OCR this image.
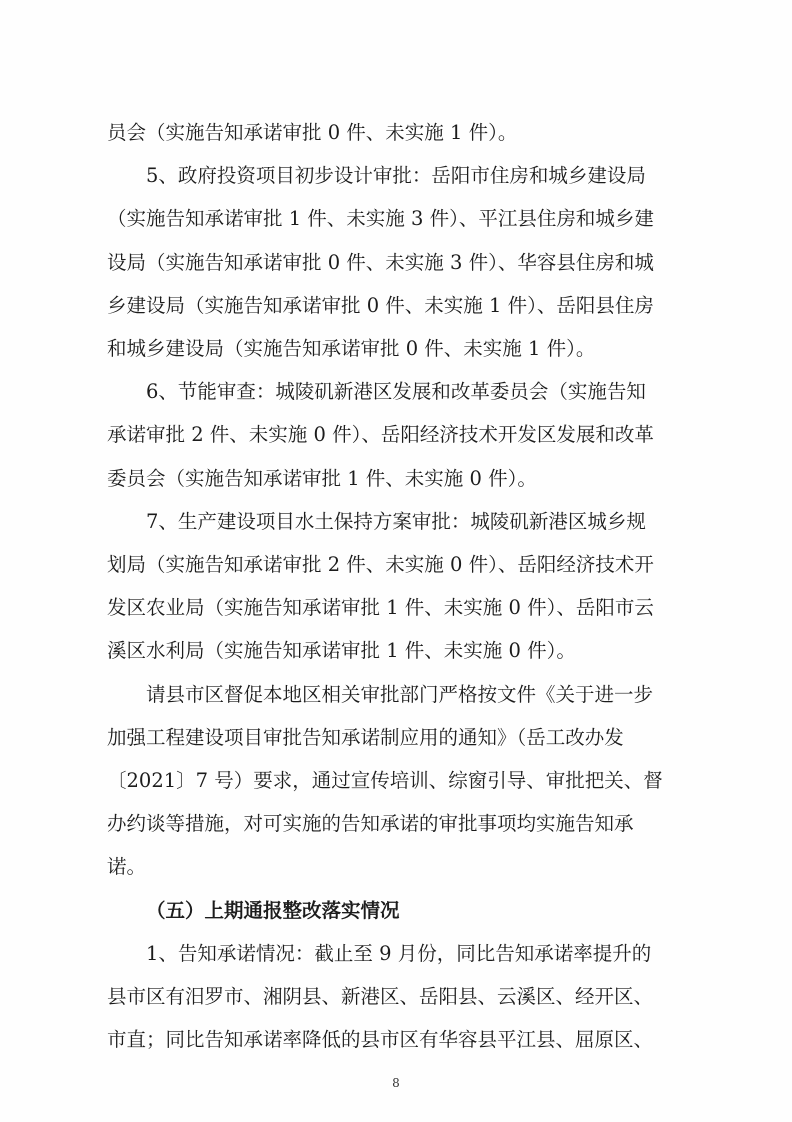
员会（实施告知承诺审批 0 件、未实施 1 件）。
5、政府投资项目初步设计审批：岳阳市住房和城乡建设局
（实施告知承诺审批 1 件、未实施 3 件）、平江县住房和城乡建
设局（实施告知承诺审批 0 件、未实施 3 件）、华容县住房和城
乡建设局（实施告知承诺审批 0 件、未实施 1 件）、岳阳县住房
和城乡建设局（实施告知承诺审批 0 件、未实施 1 件）。
6、节能审查：城陵矶新港区发展和改革委员会（实施告知
承诺审批 2 件、未实施 0 件）、岳阳经济技术开发区发展和改革
委员会（实施告知承诺审批 1 件、未实施 0 件）。
7、生产建设项目水土保持方案审批：城陵矶新港区城乡规
划局（实施告知承诺审批 2 件、未实施 0 件）、岳阳经济技术开
发区农业局（实施告知承诺审批 1 件、未实施 0 件）、岳阳市云
溪区水利局（实施告知承诺审批 1 件、未实施 0 件）。
请县市区督促本地区相关审批部门严格按文件《关于进一步
加强工程建设项目审批告知承诺制应用的通知》（岳工改办发
〔2021〕7 号）要求，通过宣传培训、综窗引导、审批把关、督
办约谈等措施，对可实施的告知承诺的审批事项均实施告知承
诺。
（五）上期通报整改落实情况
1、告知承诺情况：截止至 9 月份，同比告知承诺率提升的
县市区有汨罗市、湘阴县、新港区、岳阳县、云溪区、经开区、
市直；同比告知承诺率降低的县市区有华容县平江县、屈原区、
8
